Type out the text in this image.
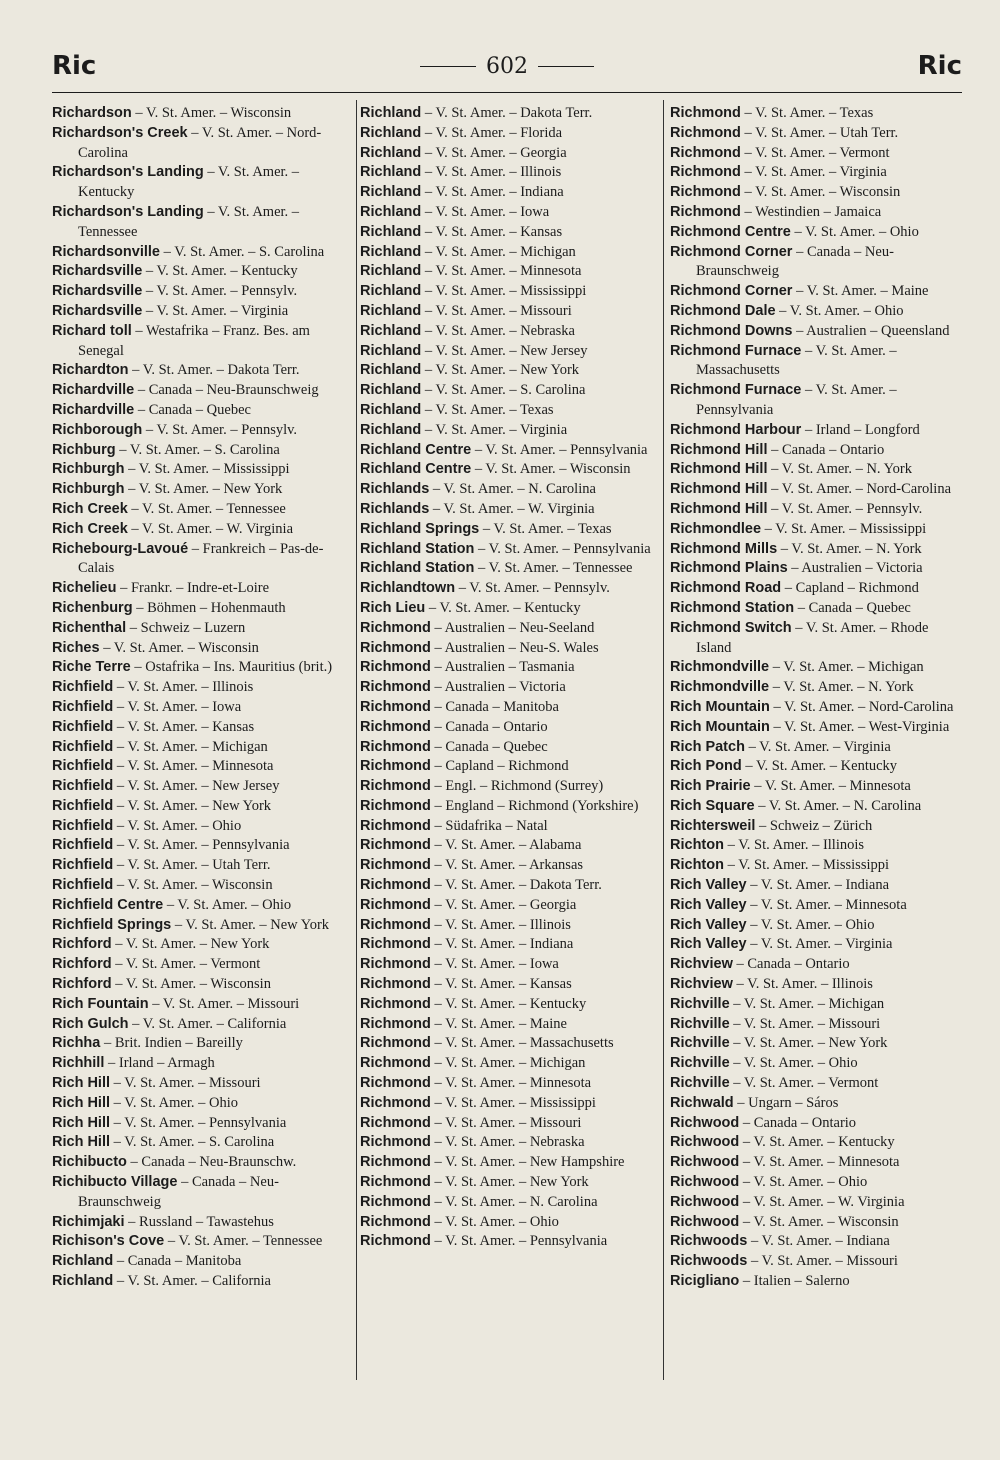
Ric	602	Ric
Richardson – V. St. Amer. – Wisconsin
Richardson's Creek – V. St. Amer. – Nord-Carolina
Richardson's Landing – V. St. Amer. – Kentucky
Richardson's Landing – V. St. Amer. – Tennessee
Richardsonville – V. St. Amer. – S. Carolina
Richardsville – V. St. Amer. – Kentucky
Richardsville – V. St. Amer. – Pennsylv.
Richardsville – V. St. Amer. – Virginia
Richard toll – Westafrika – Franz. Bes. am Senegal
Richardton – V. St. Amer. – Dakota Terr.
Richardville – Canada – Neu-Braunschweig
Richardville – Canada – Quebec
Richborough – V. St. Amer. – Pennsylv.
Richburg – V. St. Amer. – S. Carolina
Richburgh – V. St. Amer. – Mississippi
Richburgh – V. St. Amer. – New York
Rich Creek – V. St. Amer. – Tennessee
Rich Creek – V. St. Amer. – W. Virginia
Richebourg-Lavoué – Frankreich – Pas-de-Calais
Richelieu – Frankr. – Indre-et-Loire
Richenburg – Böhmen – Hohenmauth
Richenthal – Schweiz – Luzern
Riches – V. St. Amer. – Wisconsin
Riche Terre – Ostafrika – Ins. Mauritius (brit.)
Richfield – V. St. Amer. – Illinois
Richfield – V. St. Amer. – Iowa
Richfield – V. St. Amer. – Kansas
Richfield – V. St. Amer. – Michigan
Richfield – V. St. Amer. – Minnesota
Richfield – V. St. Amer. – New Jersey
Richfield – V. St. Amer. – New York
Richfield – V. St. Amer. – Ohio
Richfield – V. St. Amer. – Pennsylvania
Richfield – V. St. Amer. – Utah Terr.
Richfield – V. St. Amer. – Wisconsin
Richfield Centre – V. St. Amer. – Ohio
Richfield Springs – V. St. Amer. – New York
Richford – V. St. Amer. – New York
Richford – V. St. Amer. – Vermont
Richford – V. St. Amer. – Wisconsin
Rich Fountain – V. St. Amer. – Missouri
Rich Gulch – V. St. Amer. – California
Richha – Brit. Indien – Bareilly
Richhill – Irland – Armagh
Rich Hill – V. St. Amer. – Missouri
Rich Hill – V. St. Amer. – Ohio
Rich Hill – V. St. Amer. – Pennsylvania
Rich Hill – V. St. Amer. – S. Carolina
Richibucto – Canada – Neu-Braunschw.
Richibucto Village – Canada – Neu-Braunschweig
Richimjaki – Russland – Tawastehus
Richison's Cove – V. St. Amer. – Tennessee
Richland – Canada – Manitoba
Richland – V. St. Amer. – California
Richland – V. St. Amer. – Dakota Terr.
Richland – V. St. Amer. – Florida
Richland – V. St. Amer. – Georgia
Richland – V. St. Amer. – Illinois
Richland – V. St. Amer. – Indiana
Richland – V. St. Amer. – Iowa
Richland – V. St. Amer. – Kansas
Richland – V. St. Amer. – Michigan
Richland – V. St. Amer. – Minnesota
Richland – V. St. Amer. – Mississippi
Richland – V. St. Amer. – Missouri
Richland – V. St. Amer. – Nebraska
Richland – V. St. Amer. – New Jersey
Richland – V. St. Amer. – New York
Richland – V. St. Amer. – S. Carolina
Richland – V. St. Amer. – Texas
Richland – V. St. Amer. – Virginia
Richland Centre – V. St. Amer. – Pennsylvania
Richland Centre – V. St. Amer. – Wisconsin
Richlands – V. St. Amer. – N. Carolina
Richlands – V. St. Amer. – W. Virginia
Richland Springs – V. St. Amer. – Texas
Richland Station – V. St. Amer. – Pennsylvania
Richland Station – V. St. Amer. – Tennessee
Richlandtown – V. St. Amer. – Pennsylv.
Rich Lieu – V. St. Amer. – Kentucky
Richmond – Australien – Neu-Seeland
Richmond – Australien – Neu-S. Wales
Richmond – Australien – Tasmania
Richmond – Australien – Victoria
Richmond – Canada – Manitoba
Richmond – Canada – Ontario
Richmond – Canada – Quebec
Richmond – Capland – Richmond
Richmond – Engl. – Richmond (Surrey)
Richmond – England – Richmond (Yorkshire)
Richmond – Südafrika – Natal
Richmond – V. St. Amer. – Alabama
Richmond – V. St. Amer. – Arkansas
Richmond – V. St. Amer. – Dakota Terr.
Richmond – V. St. Amer. – Georgia
Richmond – V. St. Amer. – Illinois
Richmond – V. St. Amer. – Indiana
Richmond – V. St. Amer. – Iowa
Richmond – V. St. Amer. – Kansas
Richmond – V. St. Amer. – Kentucky
Richmond – V. St. Amer. – Maine
Richmond – V. St. Amer. – Massachusetts
Richmond – V. St. Amer. – Michigan
Richmond – V. St. Amer. – Minnesota
Richmond – V. St. Amer. – Mississippi
Richmond – V. St. Amer. – Missouri
Richmond – V. St. Amer. – Nebraska
Richmond – V. St. Amer. – New Hampshire
Richmond – V. St. Amer. – New York
Richmond – V. St. Amer. – N. Carolina
Richmond – V. St. Amer. – Ohio
Richmond – V. St. Amer. – Pennsylvania
Richmond – V. St. Amer. – Texas
Richmond – V. St. Amer. – Utah Terr.
Richmond – V. St. Amer. – Vermont
Richmond – V. St. Amer. – Virginia
Richmond – V. St. Amer. – Wisconsin
Richmond – Westindien – Jamaica
Richmond Centre – V. St. Amer. – Ohio
Richmond Corner – Canada – Neu-Braunschweig
Richmond Corner – V. St. Amer. – Maine
Richmond Dale – V. St. Amer. – Ohio
Richmond Downs – Australien – Queensland
Richmond Furnace – V. St. Amer. – Massachusetts
Richmond Furnace – V. St. Amer. – Pennsylvania
Richmond Harbour – Irland – Longford
Richmond Hill – Canada – Ontario
Richmond Hill – V. St. Amer. – N. York
Richmond Hill – V. St. Amer. – Nord-Carolina
Richmond Hill – V. St. Amer. – Pennsylv.
Richmondlee – V. St. Amer. – Mississippi
Richmond Mills – V. St. Amer. – N. York
Richmond Plains – Australien – Victoria
Richmond Road – Capland – Richmond
Richmond Station – Canada – Quebec
Richmond Switch – V. St. Amer. – Rhode Island
Richmondville – V. St. Amer. – Michigan
Richmondville – V. St. Amer. – N. York
Rich Mountain – V. St. Amer. – Nord-Carolina
Rich Mountain – V. St. Amer. – West-Virginia
Rich Patch – V. St. Amer. – Virginia
Rich Pond – V. St. Amer. – Kentucky
Rich Prairie – V. St. Amer. – Minnesota
Rich Square – V. St. Amer. – N. Carolina
Richtersweil – Schweiz – Zürich
Richton – V. St. Amer. – Illinois
Richton – V. St. Amer. – Mississippi
Rich Valley – V. St. Amer. – Indiana
Rich Valley – V. St. Amer. – Minnesota
Rich Valley – V. St. Amer. – Ohio
Rich Valley – V. St. Amer. – Virginia
Richview – Canada – Ontario
Richview – V. St. Amer. – Illinois
Richville – V. St. Amer. – Michigan
Richville – V. St. Amer. – Missouri
Richville – V. St. Amer. – New York
Richville – V. St. Amer. – Ohio
Richville – V. St. Amer. – Vermont
Richwald – Ungarn – Sáros
Richwood – Canada – Ontario
Richwood – V. St. Amer. – Kentucky
Richwood – V. St. Amer. – Minnesota
Richwood – V. St. Amer. – Ohio
Richwood – V. St. Amer. – W. Virginia
Richwood – V. St. Amer. – Wisconsin
Richwoods – V. St. Amer. – Indiana
Richwoods – V. St. Amer. – Missouri
Ricigliano – Italien – Salerno
